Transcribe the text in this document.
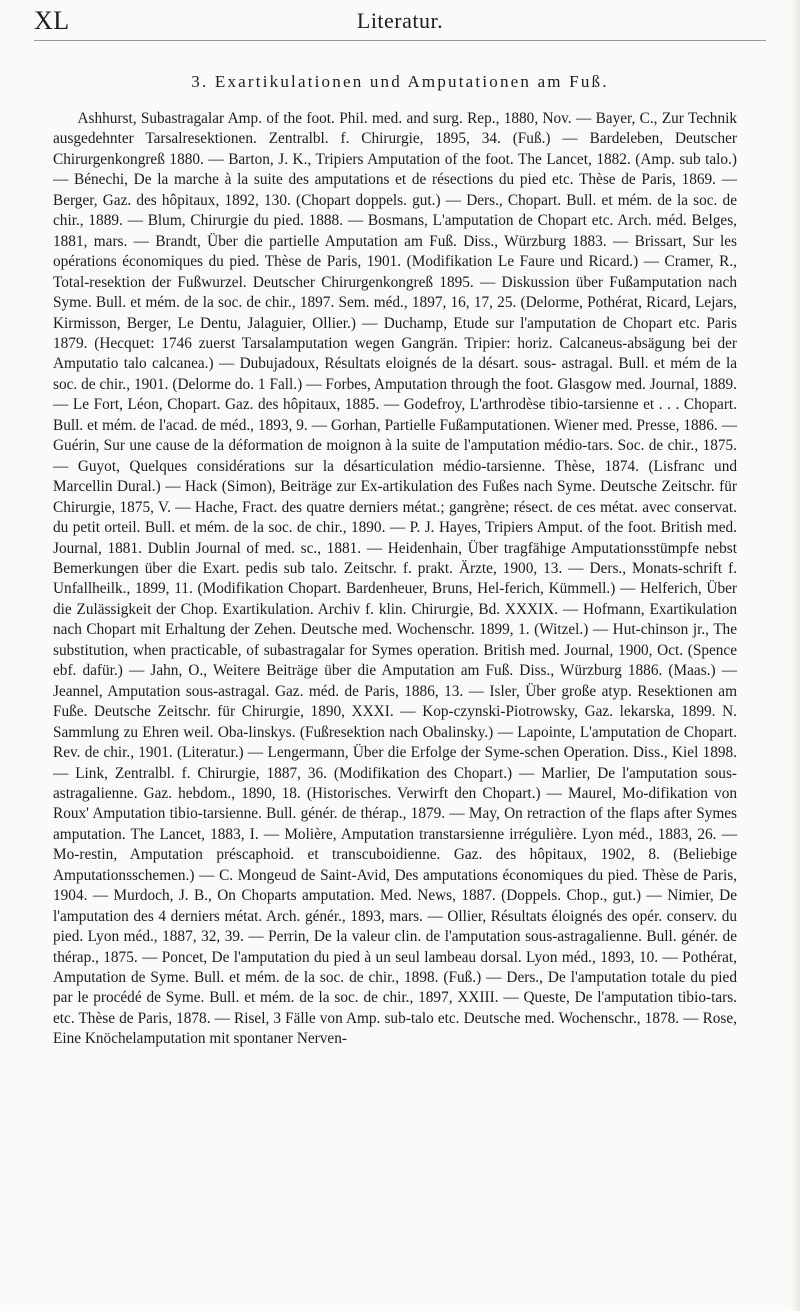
XL	Literatur.
3. Exartikulationen und Amputationen am Fuß.

Ashhurst, Subastragalar Amp. of the foot. Phil. med. and surg. Rep., 1880, Nov. — Bayer, C., Zur Technik ausgedehnter Tarsalresektionen. Zentralbl. f. Chirurgie, 1895, 34. (Fuß.) — Bardeleben, Deutscher Chirurgenkongreß 1880. — Barton, J. K., Tripiers Amputation of the foot. The Lancet, 1882. (Amp. sub talo.) — Bénechi, De la marche à la suite des amputations et de résections du pied etc. Thèse de Paris, 1869. — Berger, Gaz. des hôpitaux, 1892, 130. (Chopart doppels. gut.) — Ders., Chopart. Bull. et mém. de la soc. de chir., 1889. — Blum, Chirurgie du pied. 1888. — Bosmans, L'amputation de Chopart etc. Arch. méd. Belges, 1881, mars. — Brandt, Über die partielle Amputation am Fuß. Diss., Würzburg 1883. — Brissart, Sur les opérations économiques du pied. Thèse de Paris, 1901. (Modifikation Le Faure und Ricard.) — Cramer, R., Total-resektion der Fußwurzel. Deutscher Chirurgenkongreß 1895. — Diskussion über Fußamputation nach Syme. Bull. et mém. de la soc. de chir., 1897. Sem. méd., 1897, 16, 17, 25. (Delorme, Pothérat, Ricard, Lejars, Kirmisson, Berger, Le Dentu, Jalaguier, Ollier.) — Duchamp, Etude sur l'amputation de Chopart etc. Paris 1879. (Hecquet: 1746 zuerst Tarsalamputation wegen Gangrän. Tripier: horiz. Calcaneus-absägung bei der Amputatio talo calcanea.) — Dubujadoux, Résultats eloignés de la désart. sous- astragal. Bull. et mém de la soc. de chir., 1901. (Delorme do. 1 Fall.) — Forbes, Amputation through the foot. Glasgow med. Journal, 1889. — Le Fort, Léon, Chopart. Gaz. des hôpitaux, 1885. — Godefroy, L'arthrodèse tibio-tarsienne et . . . Chopart. Bull. et mém. de l'acad. de méd., 1893, 9. — Gorhan, Partielle Fußamputationen. Wiener med. Presse, 1886. — Guérin, Sur une cause de la déformation de moignon à la suite de l'amputation médio-tars. Soc. de chir., 1875. — Guyot, Quelques considérations sur la désarticulation médio-tarsienne. Thèse, 1874. (Lisfranc und Marcellin Dural.) — Hack (Simon), Beiträge zur Ex-artikulation des Fußes nach Syme. Deutsche Zeitschr. für Chirurgie, 1875, V. — Hache, Fract. des quatre derniers métat.; gangrène; résect. de ces métat. avec conservat. du petit orteil. Bull. et mém. de la soc. de chir., 1890. — P. J. Hayes, Tripiers Amput. of the foot. British med. Journal, 1881. Dublin Journal of med. sc., 1881. — Heidenhain, Über tragfähige Amputationsstümpfe nebst Bemerkungen über die Exart. pedis sub talo. Zeitschr. f. prakt. Ärzte, 1900, 13. — Ders., Monats-schrift f. Unfallheilk., 1899, 11. (Modifikation Chopart. Bardenheuer, Bruns, Hel-ferich, Kümmell.) — Helferich, Über die Zulässigkeit der Chop. Exartikulation. Archiv f. klin. Chirurgie, Bd. XXXIX. — Hofmann, Exartikulation nach Chopart mit Erhaltung der Zehen. Deutsche med. Wochenschr. 1899, 1. (Witzel.) — Hut-chinson jr., The substitution, when practicable, of subastragalar for Symes operation. British med. Journal, 1900, Oct. (Spence ebf. dafür.) — Jahn, O., Weitere Beiträge über die Amputation am Fuß. Diss., Würzburg 1886. (Maas.) — Jeannel, Amputation sous-astragal. Gaz. méd. de Paris, 1886, 13. — Isler, Über große atyp. Resektionen am Fuße. Deutsche Zeitschr. für Chirurgie, 1890, XXXI. — Kop-czynski-Piotrowsky, Gaz. lekarska, 1899. N. Sammlung zu Ehren weil. Oba-linskys. (Fußresektion nach Obalinsky.) — Lapointe, L'amputation de Chopart. Rev. de chir., 1901. (Literatur.) — Lengermann, Über die Erfolge der Syme-schen Operation. Diss., Kiel 1898. — Link, Zentralbl. f. Chirurgie, 1887, 36. (Modifikation des Chopart.) — Marlier, De l'amputation sous-astragalienne. Gaz. hebdom., 1890, 18. (Historisches. Verwirft den Chopart.) — Maurel, Mo-difikation von Roux' Amputation tibio-tarsienne. Bull. génér. de thérap., 1879. — May, On retraction of the flaps after Symes amputation. The Lancet, 1883, I. — Molière, Amputation transtarsienne irrégulière. Lyon méd., 1883, 26. — Mo-restin, Amputation préscaphoid. et transcuboidienne. Gaz. des hôpitaux, 1902, 8. (Beliebige Amputationsschemen.) — C. Mongeud de Saint-Avid, Des amputations économiques du pied. Thèse de Paris, 1904. — Murdoch, J. B., On Choparts amputation. Med. News, 1887. (Doppels. Chop., gut.) — Nimier, De l'amputation des 4 derniers métat. Arch. génér., 1893, mars. — Ollier, Résultats éloignés des opér. conserv. du pied. Lyon méd., 1887, 32, 39. — Perrin, De la valeur clin. de l'amputation sous-astragalienne. Bull. génér. de thérap., 1875. — Poncet, De l'amputation du pied à un seul lambeau dorsal. Lyon méd., 1893, 10. — Pothérat, Amputation de Syme. Bull. et mém. de la soc. de chir., 1898. (Fuß.) — Ders., De l'amputation totale du pied par le procédé de Syme. Bull. et mém. de la soc. de chir., 1897, XXIII. — Queste, De l'amputation tibio-tars. etc. Thèse de Paris, 1878. — Risel, 3 Fälle von Amp. sub-talo etc. Deutsche med. Wochenschr., 1878. — Rose, Eine Knöchelamputation mit spontaner Nerven-
